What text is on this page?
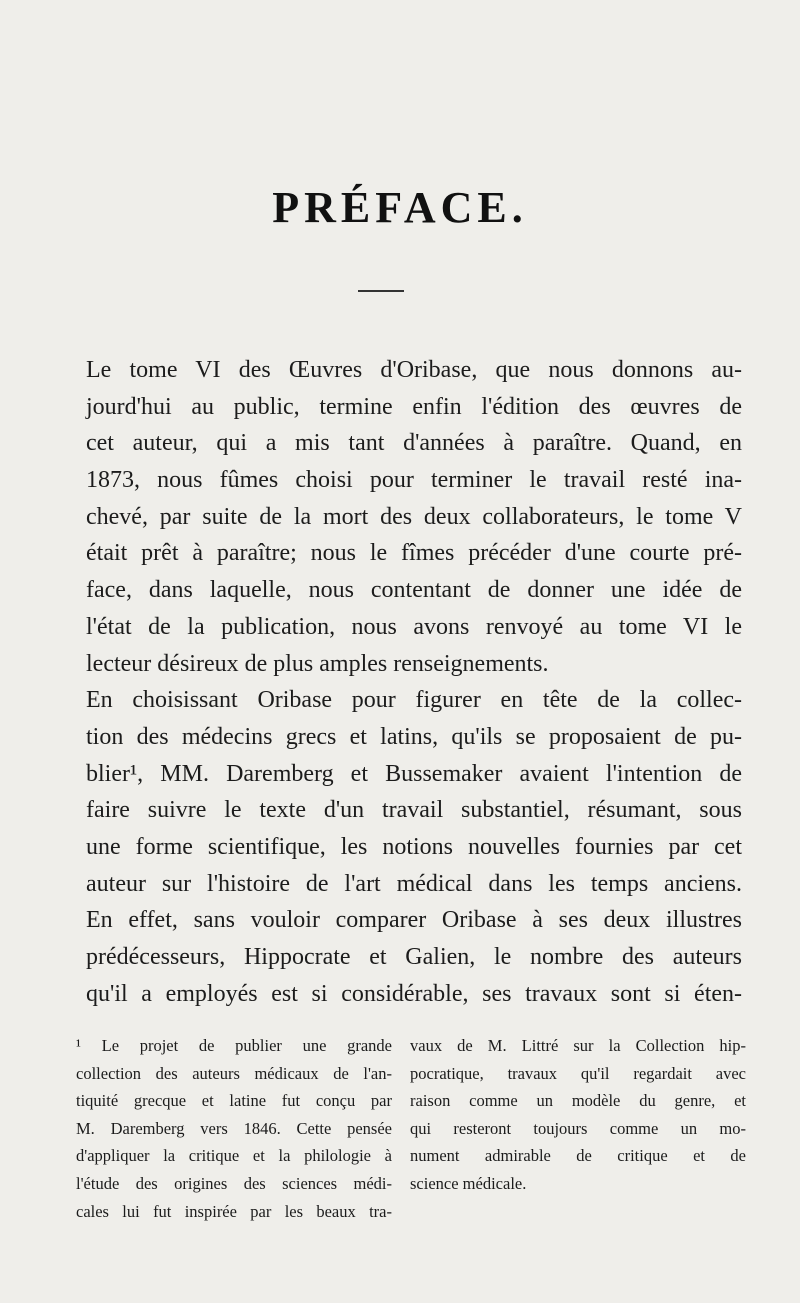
PRÉFACE.
Le tome VI des Œuvres d'Oribase, que nous donnons au-
jourd'hui au public, termine enfin l'édition des œuvres de
cet auteur, qui a mis tant d'années à paraître. Quand, en
1873, nous fûmes choisi pour terminer le travail resté ina-
chevé, par suite de la mort des deux collaborateurs, le tome V
était prêt à paraître; nous le fîmes précéder d'une courte pré-
face, dans laquelle, nous contentant de donner une idée de
l'état de la publication, nous avons renvoyé au tome VI le
lecteur désireux de plus amples renseignements.
En choisissant Oribase pour figurer en tête de la collec-
tion des médecins grecs et latins, qu'ils se proposaient de pu-
blier¹, MM. Daremberg et Bussemaker avaient l'intention de
faire suivre le texte d'un travail substantiel, résumant, sous
une forme scientifique, les notions nouvelles fournies par cet
auteur sur l'histoire de l'art médical dans les temps anciens.
En effet, sans vouloir comparer Oribase à ses deux illustres
prédécesseurs, Hippocrate et Galien, le nombre des auteurs
qu'il a employés est si considérable, ses travaux sont si éten-
¹ Le projet de publier une grande
collection des auteurs médicaux de l'an-
tiquité grecque et latine fut conçu par
M. Daremberg vers 1846. Cette pensée
d'appliquer la critique et la philologie à
l'étude des origines des sciences médi-
cales lui fut inspirée par les beaux tra-
vaux de M. Littré sur la Collection hip-
pocratique, travaux qu'il regardait avec
raison comme un modèle du genre, et
qui resteront toujours comme un mo-
nument admirable de critique et de
science médicale.
